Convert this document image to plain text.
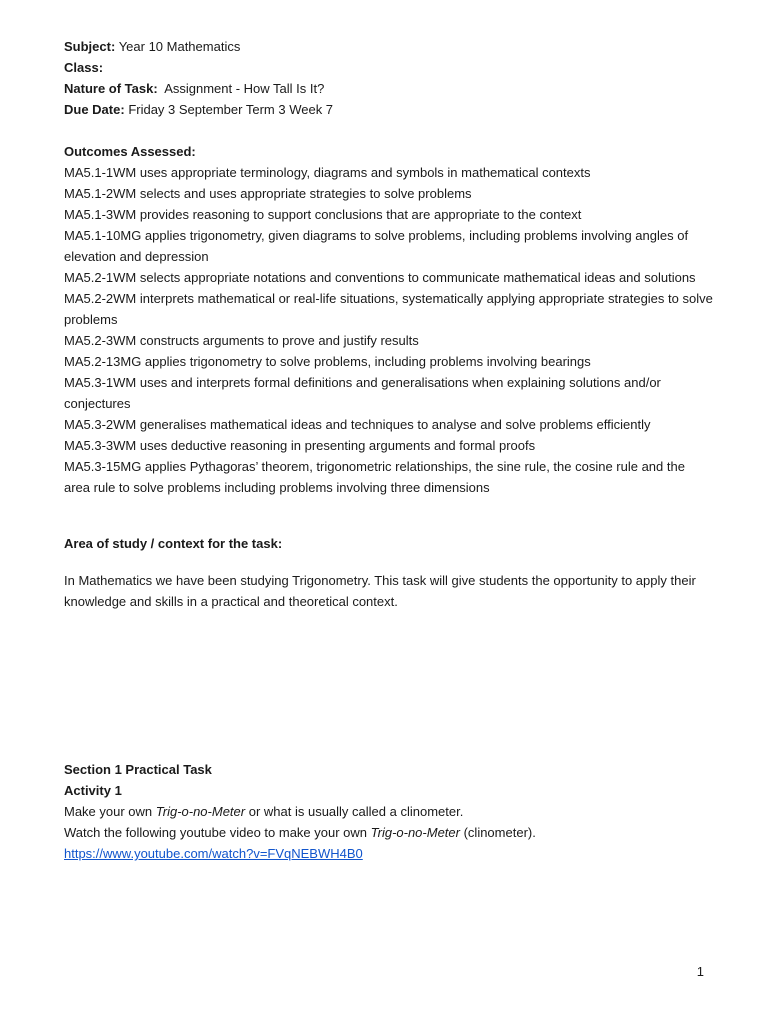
Subject: Year 10 Mathematics
Class:
Nature of Task: Assignment - How Tall Is It?
Due Date: Friday 3 September Term 3 Week 7
Outcomes Assessed:
MA5.1-1WM uses appropriate terminology, diagrams and symbols in mathematical contexts
MA5.1-2WM selects and uses appropriate strategies to solve problems
MA5.1-3WM provides reasoning to support conclusions that are appropriate to the context
MA5.1-10MG applies trigonometry, given diagrams to solve problems, including problems involving angles of elevation and depression
MA5.2-1WM selects appropriate notations and conventions to communicate mathematical ideas and solutions
MA5.2-2WM interprets mathematical or real-life situations, systematically applying appropriate strategies to solve problems
MA5.2-3WM constructs arguments to prove and justify results
MA5.2-13MG applies trigonometry to solve problems, including problems involving bearings
MA5.3-1WM uses and interprets formal definitions and generalisations when explaining solutions and/or conjectures
MA5.3-2WM generalises mathematical ideas and techniques to analyse and solve problems efficiently
MA5.3-3WM uses deductive reasoning in presenting arguments and formal proofs
MA5.3-15MG applies Pythagoras’ theorem, trigonometric relationships, the sine rule, the cosine rule and the area rule to solve problems including problems involving three dimensions
Area of study / context for the task:
In Mathematics we have been studying Trigonometry. This task will give students the opportunity to apply their knowledge and skills in a practical and theoretical context.
Section 1 Practical Task
Activity 1
Make your own Trig-o-no-Meter or what is usually called a clinometer.
Watch the following youtube video to make your own Trig-o-no-Meter (clinometer).
https://www.youtube.com/watch?v=FVqNEBWH4B0
1
